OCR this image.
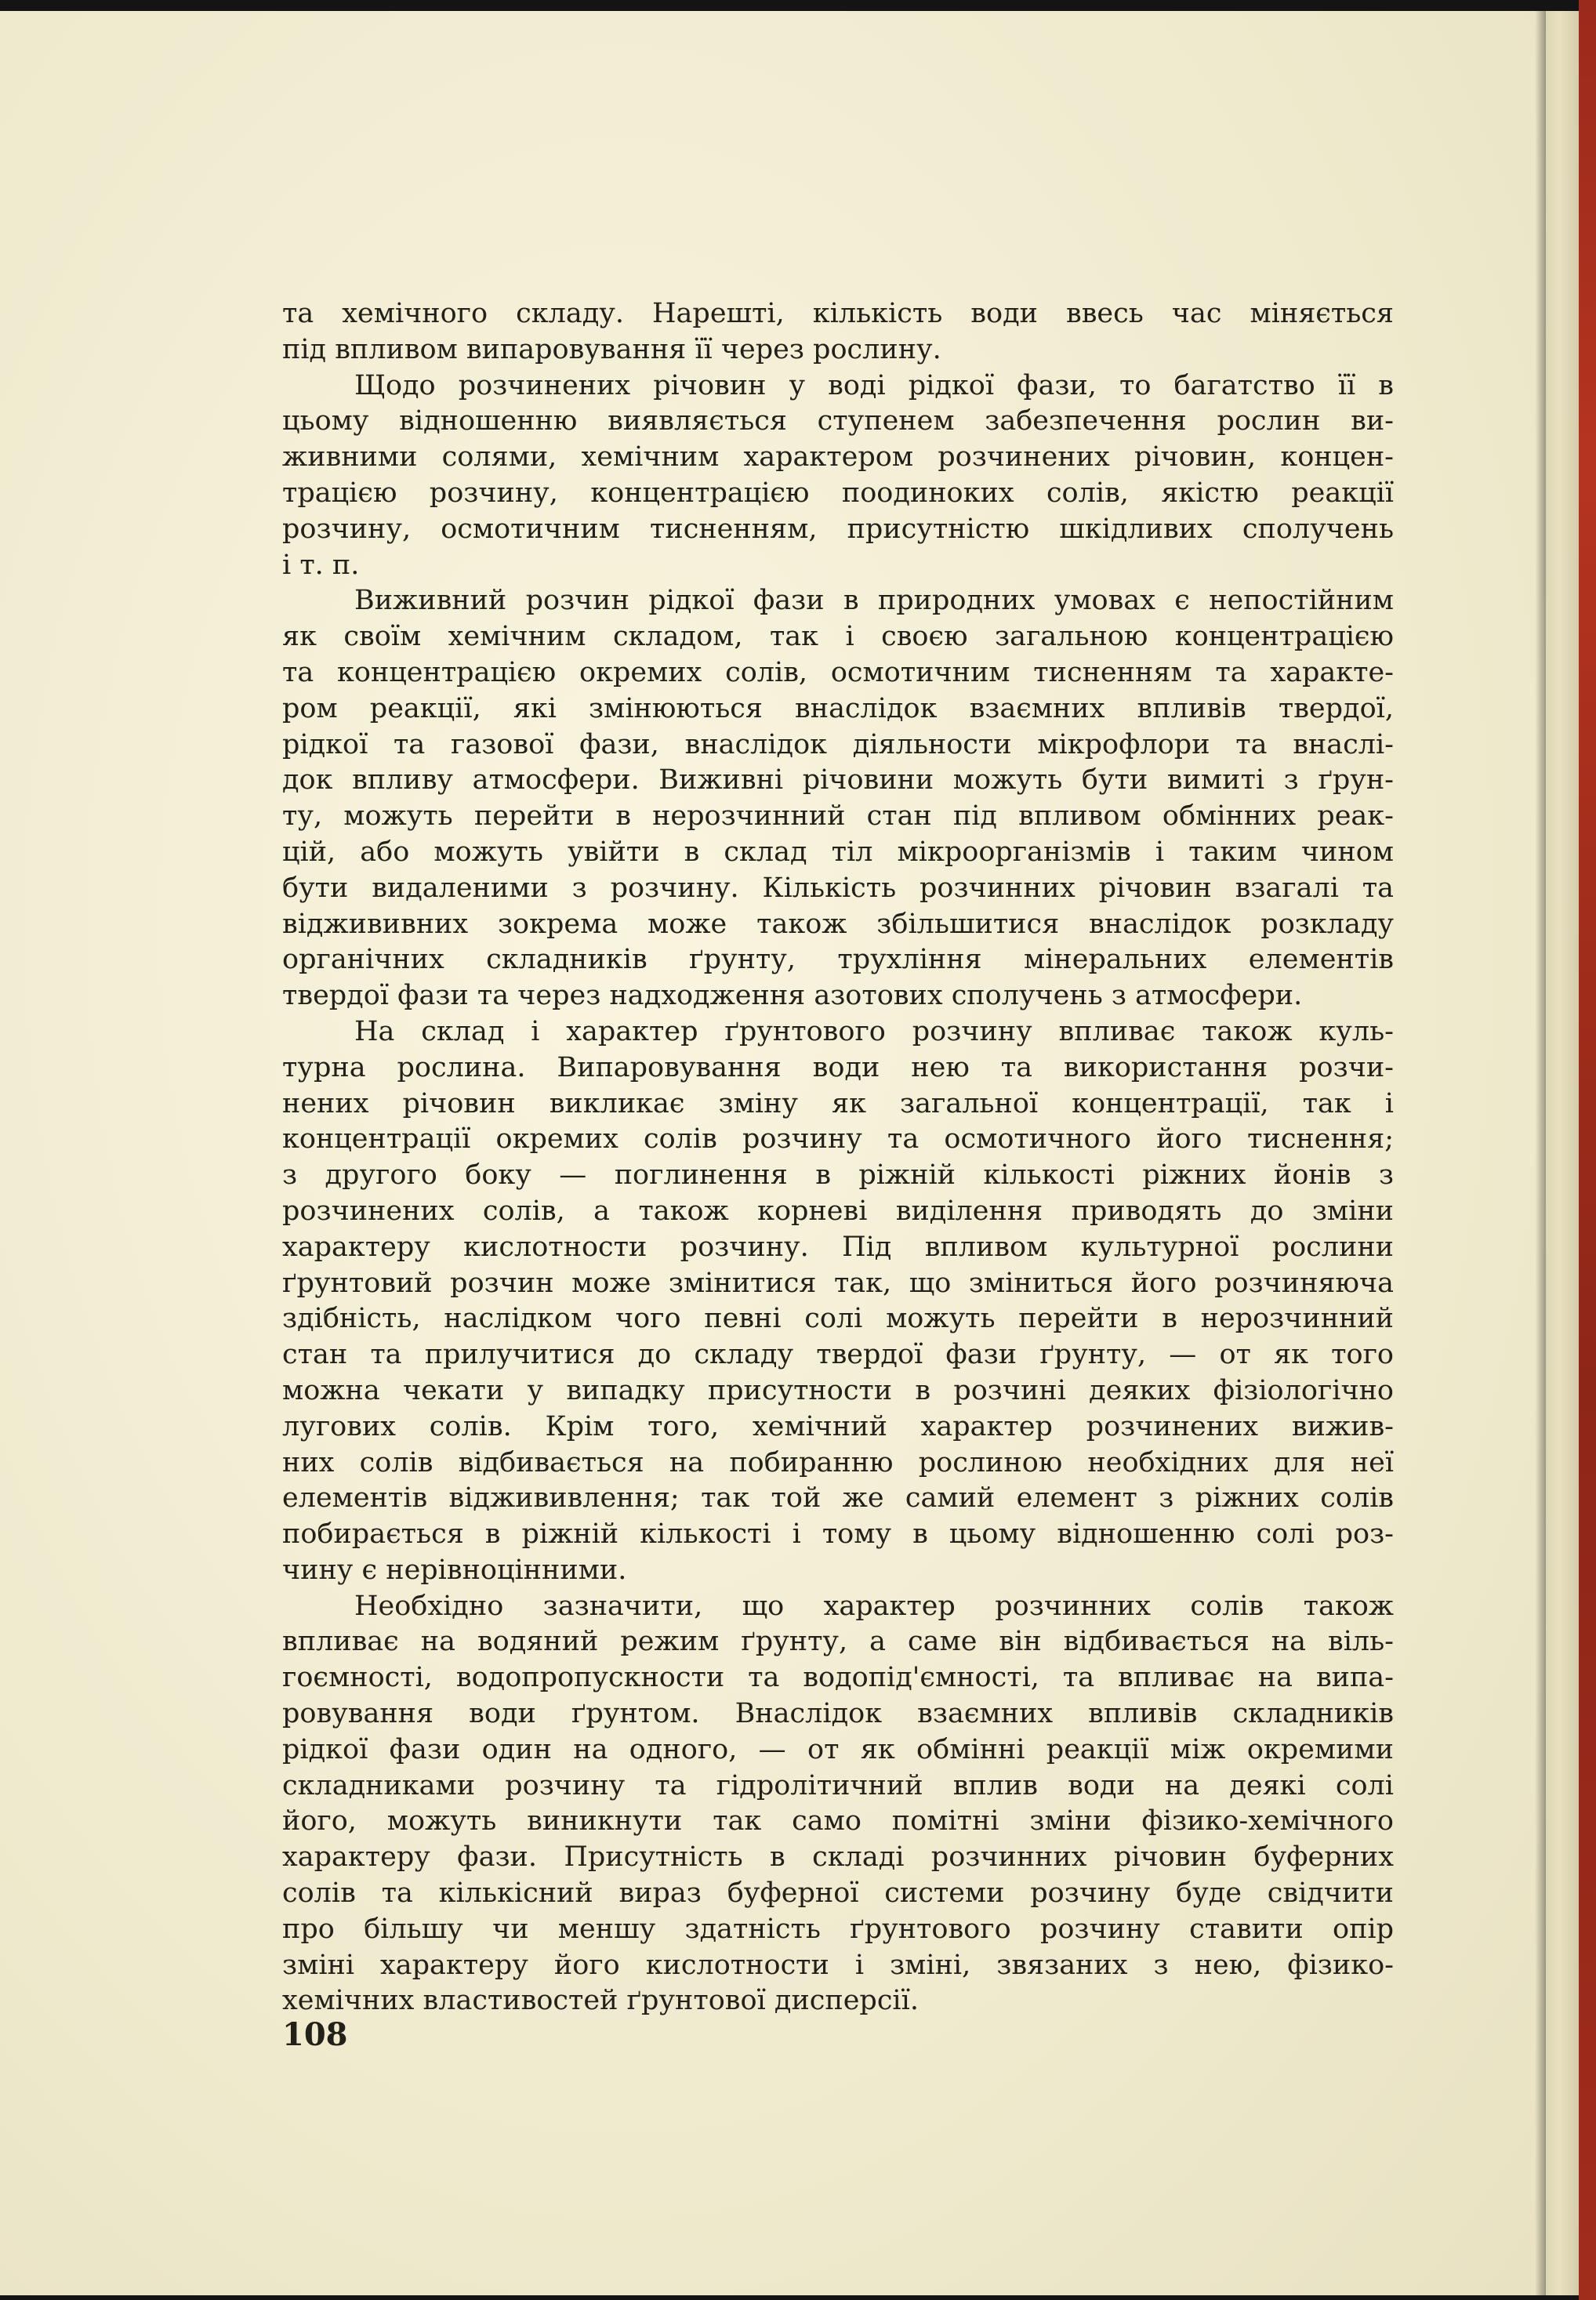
та хемічного складу. Нарешті, кількість води ввесь час міняється
під впливом випаровування її через рослину.
Щодо розчинених річовин у воді рідкої фази, то багатство її в
цьому відношенню виявляється ступенем забезпечення рослин ви-
живними солями, хемічним характером розчинених річовин, концен-
трацією розчину, концентрацією поодиноких солів, якістю реакції
розчину, осмотичним тисненням, присутністю шкідливих сполучень
і т. п.
Виживний розчин рідкої фази в природних умовах є непостійним
як своїм хемічним складом, так і своєю загальною концентрацією
та концентрацією окремих солів, осмотичним тисненням та характе-
ром реакції, які змінюються внаслідок взаємних впливів твердої,
рідкої та газової фази, внаслідок діяльности мікрофлори та внаслі-
док впливу атмосфери. Виживні річовини можуть бути вимиті з ґрун-
ту, можуть перейти в нерозчинний стан під впливом обмінних реак-
цій, або можуть увійти в склад тіл мікроорганізмів і таким чином
бути видаленими з розчину. Кількість розчинних річовин взагалі та
віджививних зокрема може також збільшитися внаслідок розкладу
органічних складників ґрунту, трухління мінеральних елементів
твердої фази та через надходження азотових сполучень з атмосфери.
На склад і характер ґрунтового розчину впливає також куль-
турна рослина. Випаровування води нею та використання розчи-
нених річовин викликає зміну як загальної концентрації, так і
концентрації окремих солів розчину та осмотичного його тиснення;
з другого боку — поглинення в ріжній кількості ріжних йонів з
розчинених солів, а також корневі виділення приводять до зміни
характеру кислотности розчину. Під впливом культурної рослини
ґрунтовий розчин може змінитися так, що зміниться його розчиняюча
здібність, наслідком чого певні солі можуть перейти в нерозчинний
стан та прилучитися до складу твердої фази ґрунту, — от як того
можна чекати у випадку присутности в розчині деяких фізіологічно
лугових солів. Крім того, хемічний характер розчинених вижив-
них солів відбивається на побиранню рослиною необхідних для неї
елементів віджививлення; так той же самий елемент з ріжних солів
побирається в ріжній кількості і тому в цьому відношенню солі роз-
чину є нерівноцінними.
Необхідно зазначити, що характер розчинних солів також
впливає на водяний режим ґрунту, а саме він відбивається на віль-
гоємності, водопропускности та водопід'ємності, та впливає на випа-
ровування води ґрунтом. Внаслідок взаємних впливів складників
рідкої фази один на одного, — от як обмінні реакції між окремими
складниками розчину та гідролітичний вплив води на деякі солі
його, можуть виникнути так само помітні зміни фізико-хемічного
характеру фази. Присутність в складі розчинних річовин буферних
солів та кількісний вираз буферної системи розчину буде свідчити
про більшу чи меншу здатність ґрунтового розчину ставити опір
зміні характеру його кислотности і зміні, звязаних з нею, фізико-
хемічних властивостей ґрунтової дисперсії.
108
